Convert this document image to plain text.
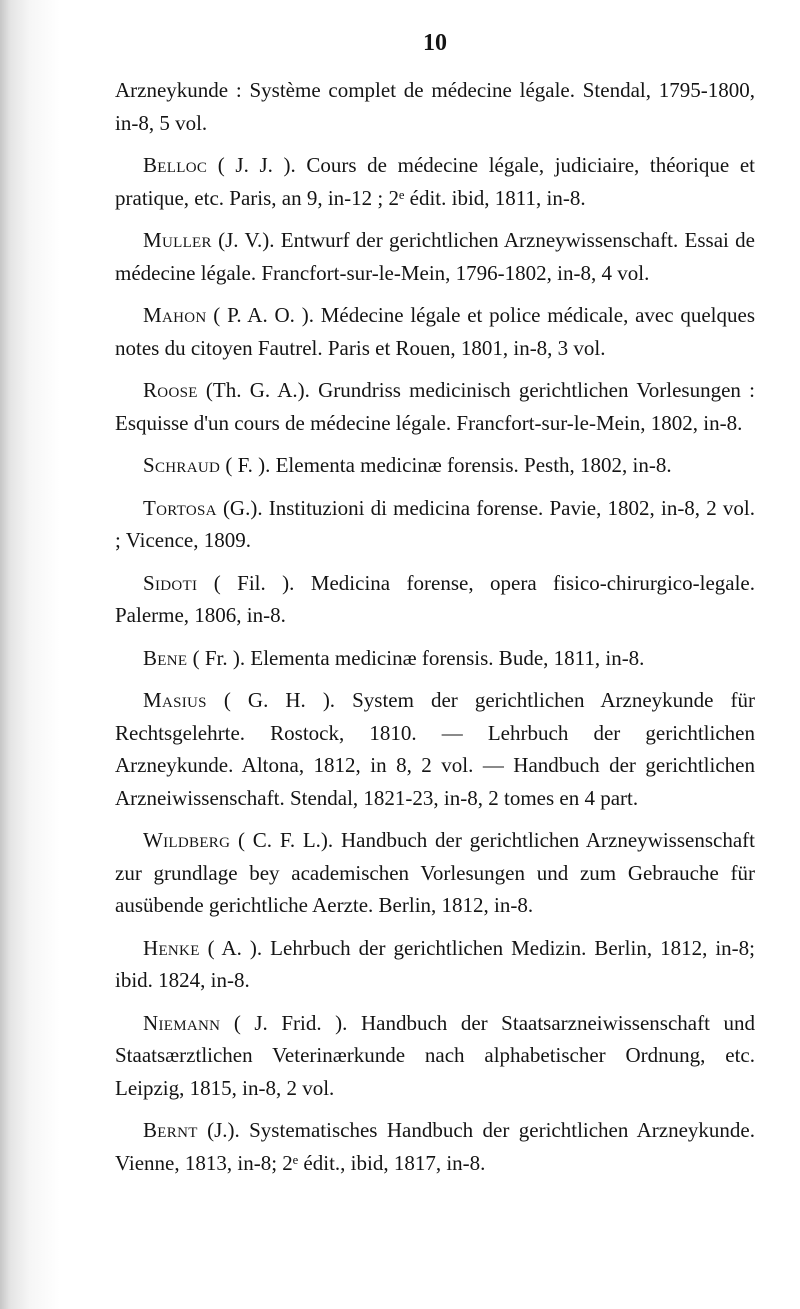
10

Arzneykunde : Système complet de médecine légale. Stendal, 1795-1800, in-8, 5 vol.

Belloc ( J. J. ). Cours de médecine légale, judiciaire, théorique et pratique, etc. Paris, an 9, in-12 ; 2ᵉ édit. ibid, 1811, in-8.

Muller (J. V.). Entwurf der gerichtlichen Arzneywissenschaft. Essai de médecine légale. Francfort-sur-le-Mein, 1796-1802, in-8, 4 vol.

Mahon ( P. A. O. ). Médecine légale et police médicale, avec quelques notes du citoyen Fautrel. Paris et Rouen, 1801, in-8, 3 vol.

Roose (Th. G. A.). Grundriss medicinisch gerichtlichen Vorlesungen : Esquisse d'un cours de médecine légale. Francfort-sur-le-Mein, 1802, in-8.

Schraud ( F. ). Elementa medicinæ forensis. Pesth, 1802, in-8.

Tortosa (G.). Instituzioni di medicina forense. Pavie, 1802, in-8, 2 vol. ; Vicence, 1809.

Sidoti ( Fil. ). Medicina forense, opera fisico-chirurgico-legale. Palerme, 1806, in-8.

Bene ( Fr. ). Elementa medicinæ forensis. Bude, 1811, in-8.

Masius ( G. H. ). System der gerichtlichen Arzneykunde für Rechtsgelehrte. Rostock, 1810. — Lehrbuch der gerichtlichen Arzneykunde. Altona, 1812, in 8, 2 vol. — Handbuch der gerichtlichen Arzneiwissenschaft. Stendal, 1821-23, in-8, 2 tomes en 4 part.

Wildberg ( C. F. L.). Handbuch der gerichtlichen Arzneywissenschaft zur grundlage bey academischen Vorlesungen und zum Gebrauche für ausübende gerichtliche Aerzte. Berlin, 1812, in-8.

Henke ( A. ). Lehrbuch der gerichtlichen Medizin. Berlin, 1812, in-8; ibid. 1824, in-8.

Niemann ( J. Frid. ). Handbuch der Staatsarzneiwissenschaft und Staatsærztlichen Veterinærkunde nach alphabetischer Ordnung, etc. Leipzig, 1815, in-8, 2 vol.

Bernt (J.). Systematisches Handbuch der gerichtlichen Arzneykunde. Vienne, 1813, in-8; 2ᵉ édit., ibid, 1817, in-8.
